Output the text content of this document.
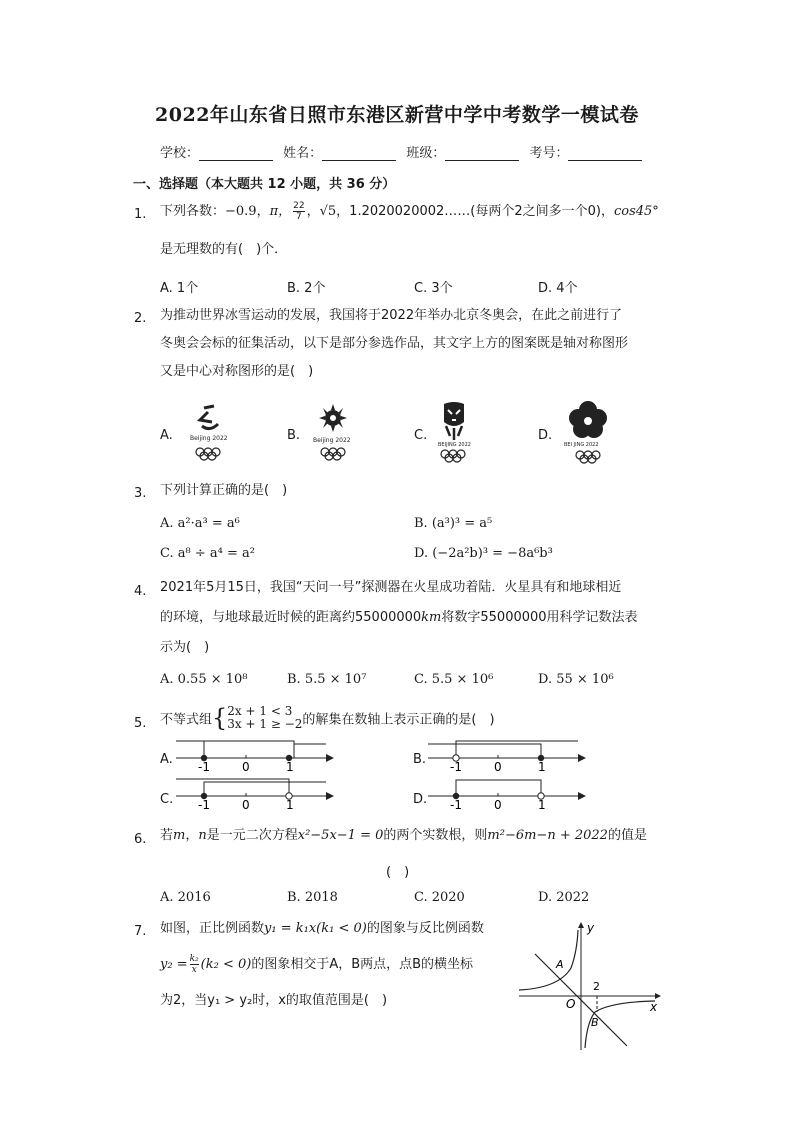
2022年山东省日照市东港区新营中学中考数学一模试卷
学校：	姓名：	班级：	考号：
一、选择题（本大题共 12 小题，共 36 分）
1. 下列各数：−0.9，π， $\frac{22}{7}$ ，√5，1.2020020002……(每两个2之间多一个0)，cos45°
是无理数的有(　)个．
A. 1个	B. 2个	C. 3个	D. 4个
2. 为推动世界冰雪运动的发展，我国将于2022年举办北京冬奥会，在此之前进行了
冬奥会会标的征集活动，以下是部分参选作品，其文字上方的图案既是轴对称图形
又是中心对称图形的是(　)
A.	B.	C.	D.
Beijing 2022	Beijing 2022
BEIJING 2022	BEI JING 2022
3. 下列计算正确的是(　)
A. a²·a³ = a⁶	B. (a³)³ = a⁵
C. a⁸ ÷ a⁴ = a²	D. (−2a²b)³ = −8a⁶b³
4. 2021年5月15日，我国“天问一号”探测器在火星成功着陆．火星具有和地球相近
的环境，与地球最近时候的距离约55000000km将数字55000000用科学记数法表
示为(　)
A. 0.55 × 10⁸	B. 5.5 × 10⁷	C. 5.5 × 10⁶	D. 55 × 10⁶
5. 不等式组{ 2x + 1 < 3
3x + 1 ≥ −2 的解集在数轴上表示正确的是(　)
A.	B.
C.	D.
-1	0	1	-1	0	1
-1	0	1	-1	0	1
6. 若m，n是一元二次方程x²−5x−1 = 0的两个实数根，则m²−6m−n + 2022的值是
(　)
A. 2016	B. 2018	C. 2020	D. 2022
7. 如图，正比例函数y₁ = k₁x(k₁ < 0)的图象与反比例函数
$y_2 = \frac{\text{k₂}}{x} (k_2 < 0)$的图象相交于A，B两点，点B的横坐标
为2，当y₁ > y₂时，x的取值范围是(　)
y
x
O
A
B
2
